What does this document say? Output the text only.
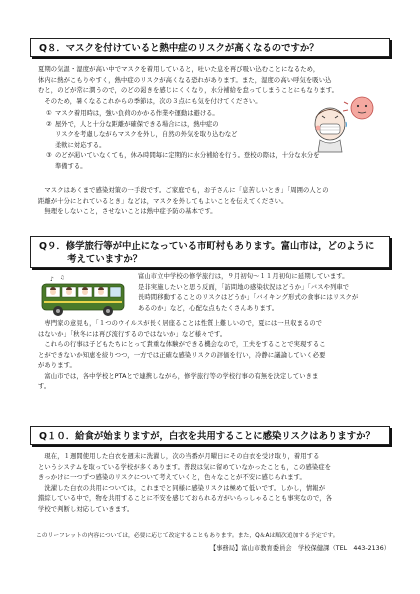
Q８．マスクを付けていると熱中症のリスクが高くなるのですか？

夏期の気温・湿度が高い中でマスクを着用していると，吐いた息を再び吸い込むことになるため，

体内に熱がこもりやすく，熱中症のリスクが高くなる恐れがあります。また，湿度の高い呼気を吸い込

むと，のどが常に潤うので，のどの渇きを感じにくくなり，水分補給を怠ってしまうことにもなります。

　そのため，暑くなるこれからの季節は，次の３点にも気を付けてください。

① マスク着用時は，強い負荷のかかる作業や運動は避ける。

② 屋外で，人と十分な距離が確保できる場合には，熱中症の

リスクを考慮しながらマスクを外し，自然の外気を取り込むなど

柔軟に対応する。

③ のどが渇いていなくても，休み時間毎に定期的に水分補給を行う。登校の際は，十分な水分を

準備する。

　マスクはあくまで感染対策の一手段です。ご家庭でも，お子さんに「息苦しいとき」「周囲の人との

距離が十分にとれているとき」などは，マスクを外してもよいことを伝えてください。

　無理をしないこと，させないことは熱中症予防の基本です。

Q９．修学旅行等が中止になっている市町村もあります。富山市は，どのように
　　　考えていますか？
♪ ♫	富山市立中学校の修学旅行は，９月初旬～１１月初旬に延期しています。

是非実施したいと思う反面，「訪問地の感染状況はどうか」「バスや列車で

長時間移動することのリスクはどうか」「バイキング形式の食事にはリスクが

あるのか」など，心配な点もたくさんあります。

　専門家の意見も，「１つのウイルスが長く居座ることは性質上難しいので，夏には一旦収まるので

はないか」「秋冬には再び流行するのではないか」など様々です。

　これらの行事は子どもたちにとって貴重な体験ができる機会なので，工夫をすることで実現するこ

とができないか知恵を絞りつつ，一方では正確な感染リスクの評価を行い，冷静に議論していく必要

があります。

　富山市では，各中学校とPTAとで連携しながら，修学旅行等の学校行事の有無を決定していきま

す。

Q１０．給食が始まりますが，白衣を共用することに感染リスクはありますか？

　現在，１週間使用した白衣を週末に洗濯し，次の当番が月曜日にその白衣を受け取り，着用する

というシステムを取っている学校が多くあります。普段は気に留めていなかったことも，この感染症を

きっかけに一つずつ感染のリスクについて考えていくと，色々なことが不安に感じられます。

　洗濯した白衣の共用については，これまでと同様に感染リスクは極めて低いです。しかし，情報が

錯綜している中で，物を共用することに不安を感じておられる方がいらっしゃることも事実なので，各

学校で判断し対応していきます。

このリーフレットの内容については，必要に応じて改定することもあります。また，Q＆Aは順次追加する予定です。
【事務局】富山市教育委員会　学校保健課（TEL　443-2136）
